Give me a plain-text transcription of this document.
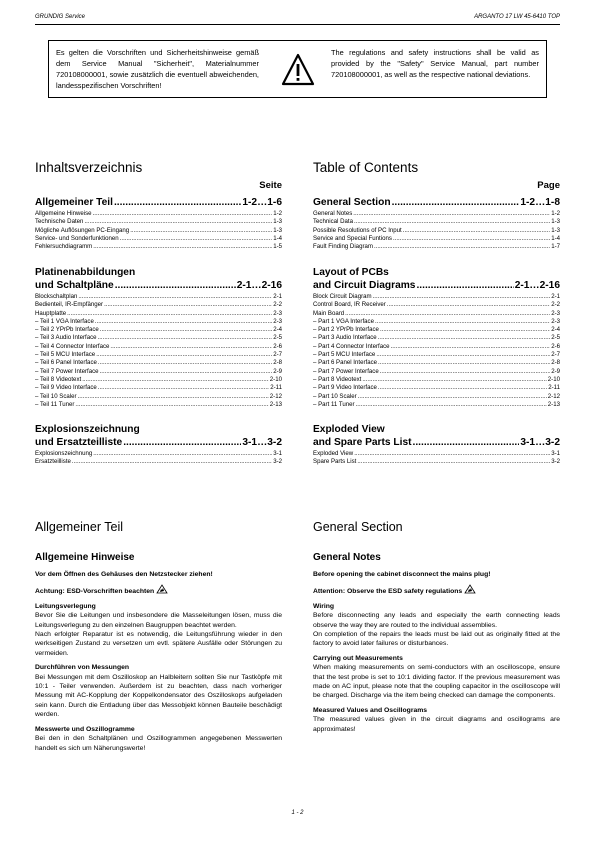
GRUNDIG Service	ARGANTO 17 LW 45-6410 TOP
Es gelten die Vorschriften und Sicherheitshinweise gemäß dem Service Manual "Sicherheit", Materialnummer 720108000001, sowie zusätzlich die eventuell abweichenden, landesspezifischen Vorschriften!
The regulations and safety instructions shall be valid as provided by the "Safety" Service Manual, part number 720108000001, as well as the respective national deviations.
Inhaltsverzeichnis
Seite
Allgemeiner Teil .....	1-2…1-6
Allgemeine Hinweise .....	1-2
Technische Daten .....	1-3
Mögliche Auflösungen PC-Eingang .....	1-3
Service- und Sonderfunktionen .....	1-4
Fehlersuchdiagramm .....	1-5
Platinenabbildungen
und Schaltpläne .....	2-1…2-16
Blockschaltplan .....	2-1
Bedienteil, IR-Empfänger .....	2-2
Hauptplatte .....	2-3
– Teil 1 VGA Interface .....	2-3
– Teil 2 YPrPb Interface .....	2-4
– Teil 3 Audio Interface .....	2-5
– Teil 4 Connector Interface .....	2-6
– Teil 5 MCU Interface .....	2-7
– Teil 6 Panel Interface .....	2-8
– Teil 7 Power Interface .....	2-9
– Teil 8 Videotext .....	2-10
– Teil 9 Video Interface .....	2-11
– Teil 10 Scaler .....	2-12
– Teil 11 Tuner .....	2-13
Explosionszeichnung
und Ersatzteilliste .....	3-1…3-2
Explosionszeichnung .....	3-1
Ersatzteilliste .....	3-2
Table of Contents
Page
General Section .....	1-2…1-8
General Notes .....	1-2
Technical Data .....	1-3
Possible Resolutions of PC Input .....	1-3
Service and Special Funtions .....	1-4
Fault Finding Diagram .....	1-7
Layout of PCBs
and Circuit Diagrams .....	2-1…2-16
Block Circuit Diagram .....	2-1
Control Board, IR Receiver .....	2-2
Main Board .....	2-3
– Part 1 VGA Interface .....	2-3
– Part 2 YPrPb Interface .....	2-4
– Part 3 Audio Interface .....	2-5
– Part 4 Connector Interface .....	2-6
– Part 5 MCU Interface .....	2-7
– Part 6 Panel Interface .....	2-8
– Part 7 Power Interface .....	2-9
– Part 8 Videotext .....	2-10
– Part 9 Video Interface .....	2-11
– Part 10 Scaler .....	2-12
– Part 11 Tuner .....	2-13
Exploded View
and Spare Parts List .....	3-1…3-2
Exploded View .....	3-1
Spare Parts List .....	3-2
Allgemeiner Teil
Allgemeine Hinweise
Vor dem Öffnen des Gehäuses den Netzstecker ziehen!
Achtung: ESD-Vorschriften beachten
Leitungsverlegung

Bevor Sie die Leitungen und insbesondere die Masseleitungen lösen, muss die Leitungsverlegung zu den einzelnen Baugruppen beachtet werden.

Nach erfolgter Reparatur ist es notwendig, die Leitungsführung wieder in den werkseitigen Zustand zu versetzen um evtl. spätere Ausfälle oder Störungen zu vermeiden.

Durchführen von Messungen

Bei Messungen mit dem Oszilloskop an Halbleitern sollten Sie nur Tastköpfe mit 10:1 - Teiler verwenden. Außerdem ist zu beachten, dass nach vorheriger Messung mit AC-Kopplung der Koppelkondensator des Oszilloskops aufgeladen sein kann. Durch die Entladung über das Messobjekt können Bauteile beschädigt werden.

Messwerte und Oszillogramme

Bei den in den Schaltplänen und Oszillogrammen angegebenen Messwerten handelt es sich um Näherungswerte!

General Section
General Notes
Before opening the cabinet disconnect the mains plug!
Attention: Observe the ESD safety regulations
Wiring

Before disconnecting any leads and especially the earth connecting leads observe the way they are routed to the individual assemblies.

On completion of the repairs the leads must be laid out as originally fitted at the factory to avoid later failures or disturbances.

Carrying out Measurements

When making measurements on semi-conductors with an oscilloscope, ensure that the test probe is set to 10:1 dividing factor. If the previous measurement was made on AC input, please note that the coupling capacitor in the oscilloscope will be charged. Discharge via the item being checked can damage the components.

Measured Values and Oscillograms

The measured values given in the circuit diagrams and oscillograms are approximates!

1 - 2
